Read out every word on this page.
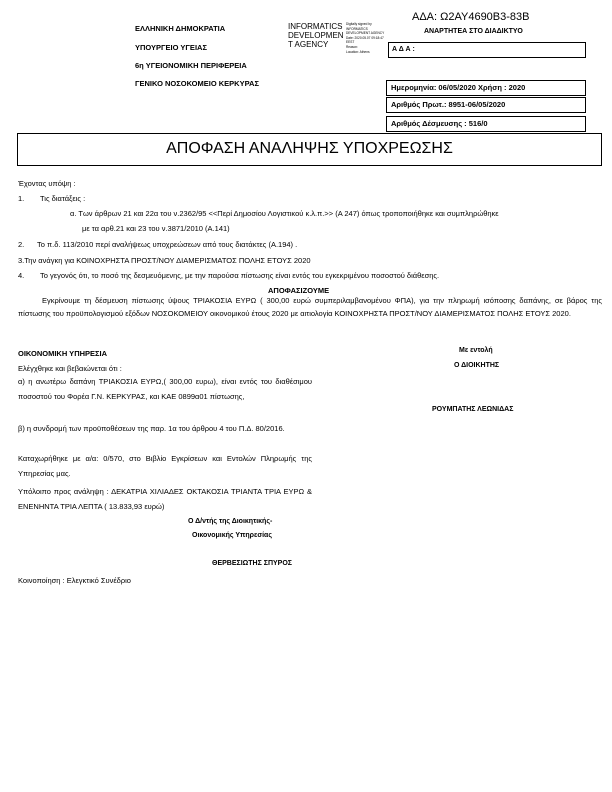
ΑΔΑ: Ω2ΑΥ4690Β3-83Β
ΕΛΛΗΝΙΚΗ ΔΗΜΟΚΡΑΤΙΑ
ΥΠΟΥΡΓΕΙΟ ΥΓΕΙΑΣ
6η ΥΓΕΙΟΝΟΜΙΚΗ ΠΕΡΙΦΕΡΕΙΑ
ΓΕΝΙΚΟ ΝΟΣΟΚΟΜΕΙΟ ΚΕΡΚΥΡΑΣ
INFORMATICS
DEVELOPMEN
T AGENCY
Digitally signed by
INFORMATICS
DEVELOPMENT AGENCY
Date: 2020.05.07 09:18:47
EEST
Reason:
Location: Athens
ΑΝΑΡΤΗΤΕΑ ΣΤΟ ΔΙΑΔΙΚΤΥΟ
Α Δ Α :
Ημερομηνία: 06/05/2020 Χρήση : 2020
Αριθμός Πρωτ.: 8951-06/05/2020
Αριθμός Δέσμευσης : 516/0
ΑΠΟΦΑΣΗ ΑΝΑΛΗΨΗΣ ΥΠΟΧΡΕΩΣΗΣ
Έχοντας υπόψη :
1. Τις διατάξεις :
α. Των άρθρων 21 και 22α του ν.2362/95 <<Περί Δημοσίου Λογιστικού κ.λ.π.>> (Α 247) όπως τροποποιήθηκε και συμπληρώθηκε
με τα αρθ.21 και 23 του ν.3871/2010 (Α.141)
2. Το π.δ. 113/2010 περί αναλήψεως υποχρεώσεων από τους διατάκτες (Α.194) .
3.Την ανάγκη για ΚΟΙΝΟΧΡΗΣΤΑ ΠΡΟΣΤ/ΝΟΥ ΔΙΑΜΕΡΙΣΜΑΤΟΣ ΠΟΛΗΣ ΕΤΟΥΣ 2020
4. Το γεγονός ότι, το ποσό της δεσμευόμενης, με την παρούσα πίστωσης είναι εντός του εγκεκριμένου ποσοστού διάθεσης.
ΑΠΟΦΑΣΙΖΟΥΜΕ
Εγκρίνουμε τη δέσμευση πίστωσης ύψους ΤΡΙΑΚΟΣΙΑ ΕΥΡΩ ( 300,00 ευρώ συμπεριλαμβανομένου ΦΠΑ), για την πληρωμή ισόποσης δαπάνης, σε βάρος της πίστωσης του προϋπολογισμού εξόδων ΝΟΣΟΚΟΜΕΙΟΥ οικονομικού έτους 2020 με αιτιολογία ΚΟΙΝΟΧΡΗΣΤΑ ΠΡΟΣΤ/ΝΟΥ ΔΙΑΜΕΡΙΣΜΑΤΟΣ ΠΟΛΗΣ ΕΤΟΥΣ 2020.
ΟΙΚΟΝΟΜΙΚΗ ΥΠΗΡΕΣΙΑ
Ελέγχθηκε και βεβαιώνεται ότι :
α) η ανωτέρω δαπάνη ΤΡΙΑΚΟΣΙΑ ΕΥΡΩ,( 300,00 ευρω), είναι εντός του διαθέσιμου ποσοστού του Φορέα Γ.Ν. ΚΕΡΚΥΡΑΣ, και ΚΑΕ 0899α01 πίστωσης,
β) η συνδρομή των προϋποθέσεων της παρ. 1α του άρθρου 4 του Π.Δ. 80/2016.
Καταχωρήθηκε με α/α: 0/570, στο Βιβλίο Εγκρίσεων και Εντολών Πληρωμής της Υπηρεσίας μας.
Υπόλοιπο προς ανάληψη : ΔΕΚΑΤΡΙΑ ΧΙΛΙΑΔΕΣ ΟΚΤΑΚΟΣΙΑ ΤΡΙΑΝΤΑ ΤΡΙΑ ΕΥΡΩ & ΕΝΕΝΗΝΤΑ ΤΡΙΑ ΛΕΠΤΑ ( 13.833,93 ευρώ)
Ο Δ/ντής της Διοικητικής-
Οικονομικής Υπηρεσίας
ΘΕΡΒΕΣΙΩΤΗΣ ΣΠΥΡΟΣ
Με εντολή
Ο ΔΙΟΙΚΗΤΗΣ
ΡΟΥΜΠΑΤΗΣ ΛΕΩΝΙΔΑΣ
Κοινοποίηση : Ελεγκτικό Συνέδριο
